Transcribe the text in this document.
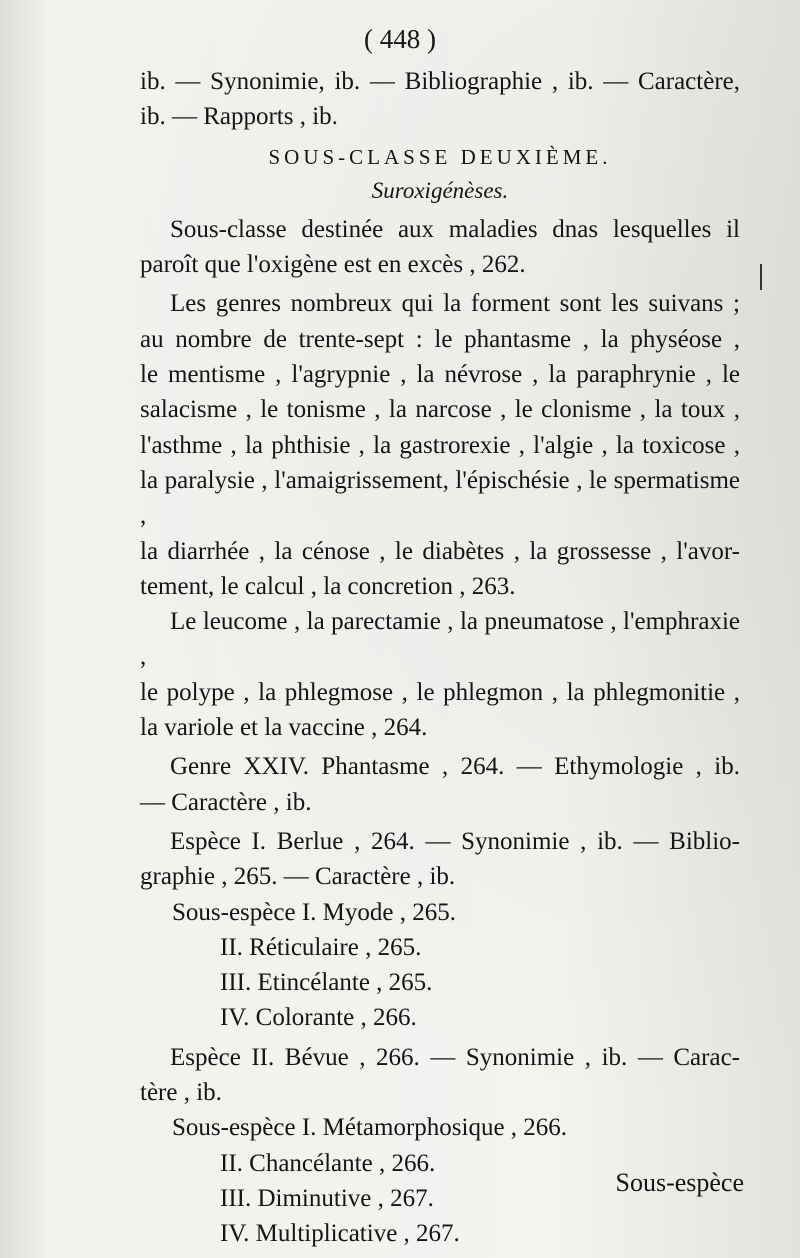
( 448 )
ib. — Synonimie, ib. — Bibliographie , ib. — Caractère,
ib. — Rapports , ib.
SOUS-CLASSE DEUXIÈME.
Suroxigénèses.
Sous-classe destinée aux maladies dnas lesquelles il
paroît que l'oxigène est en excès , 262.
Les genres nombreux qui la forment sont les suivans ;
au nombre de trente-sept : le phantasme , la physéose ,
le mentisme , l'agrypnie , la névrose , la paraphrynie , le
salacisme , le tonisme , la narcose , le clonisme , la toux ,
l'asthme , la phthisie , la gastrorexie , l'algie , la toxicose ,
la paralysie , l'amaigrissement, l'épischésie , le spermatisme ,
la diarrhée , la cénose , le diabètes , la grossesse , l'avor-
tement, le calcul , la concretion , 263.
Le leucome , la parectamie , la pneumatose , l'emphraxie ,
le polype , la phlegmose , le phlegmon , la phlegmonitie ,
la variole et la vaccine , 264.
Genre XXIV. Phantasme , 264. — Ethymologie , ib.
— Caractère , ib.
Espèce I. Berlue , 264. — Synonimie , ib. — Biblio-
graphie , 265. — Caractère , ib.
Sous-espèce I. Myode , 265.
II. Réticulaire , 265.
III. Etincélante , 265.
IV. Colorante , 266.
Espèce II. Bévue , 266. — Synonimie , ib. — Carac-
tère , ib.
Sous-espèce I. Métamorphosique , 266.
II. Chancélante , 266.
III. Diminutive , 267.
IV. Multiplicative , 267.
Sous-espèce
